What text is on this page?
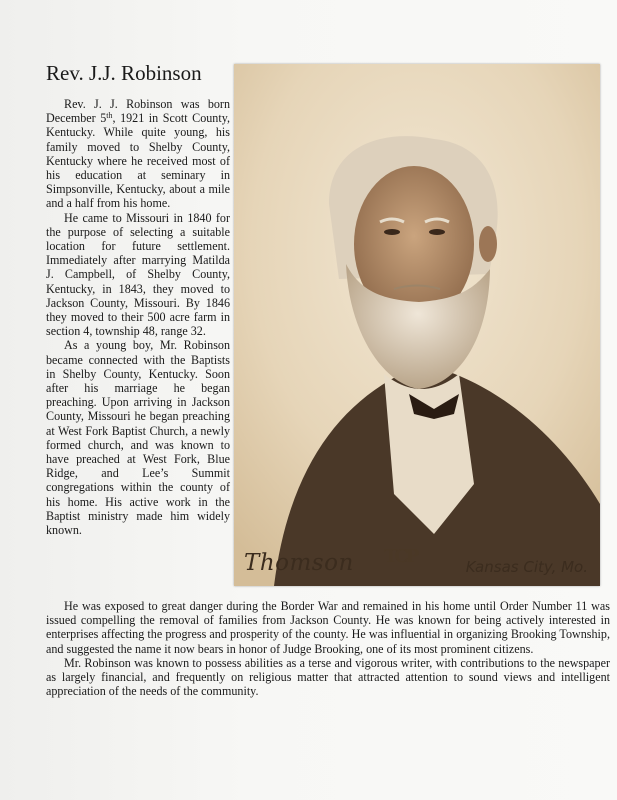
Rev. J.J. Robinson

Rev. J. J. Robinson was born December 5th, 1921 in Scott County, Kentucky. While quite young, his family moved to Shelby County, Kentucky where he received most of his education at seminary in Simpsonville, Kentucky, about a mile and a half from his home.

He came to Missouri in 1840 for the purpose of selecting a suitable location for future settlement. Immediately after marrying Matilda J. Campbell, of Shelby County, Kentucky, in 1843, they moved to Jackson County, Missouri. By 1846 they moved to their 500 acre farm in section 4, township 48, range 32.

As a young boy, Mr. Robinson became connected with the Baptists in Shelby County, Kentucky. Soon after his marriage he began preaching. Upon arriving in Jackson County, Missouri he began preaching at West Fork Baptist Church, a newly formed church, and was known to have preached at West Fork, Blue Ridge, and Lee’s Summit congregations within the county of his home. His active work in the Baptist ministry made him widely known.

Thomson TCP	Kansas City, Mo.

He was exposed to great danger during the Border War and remained in his home until Order Number 11 was issued compelling the removal of families from Jackson County. He was known for being actively interested in enterprises affecting the progress and prosperity of the county. He was influential in organizing Brooking Township, and suggested the name it now bears in honor of Judge Brooking, one of its most prominent citizens.

Mr. Robinson was known to possess abilities as a terse and vigorous writer, with contributions to the newspaper as largely financial, and frequently on religious matter that attracted attention to sound views and intelligent appreciation of the needs of the community.
